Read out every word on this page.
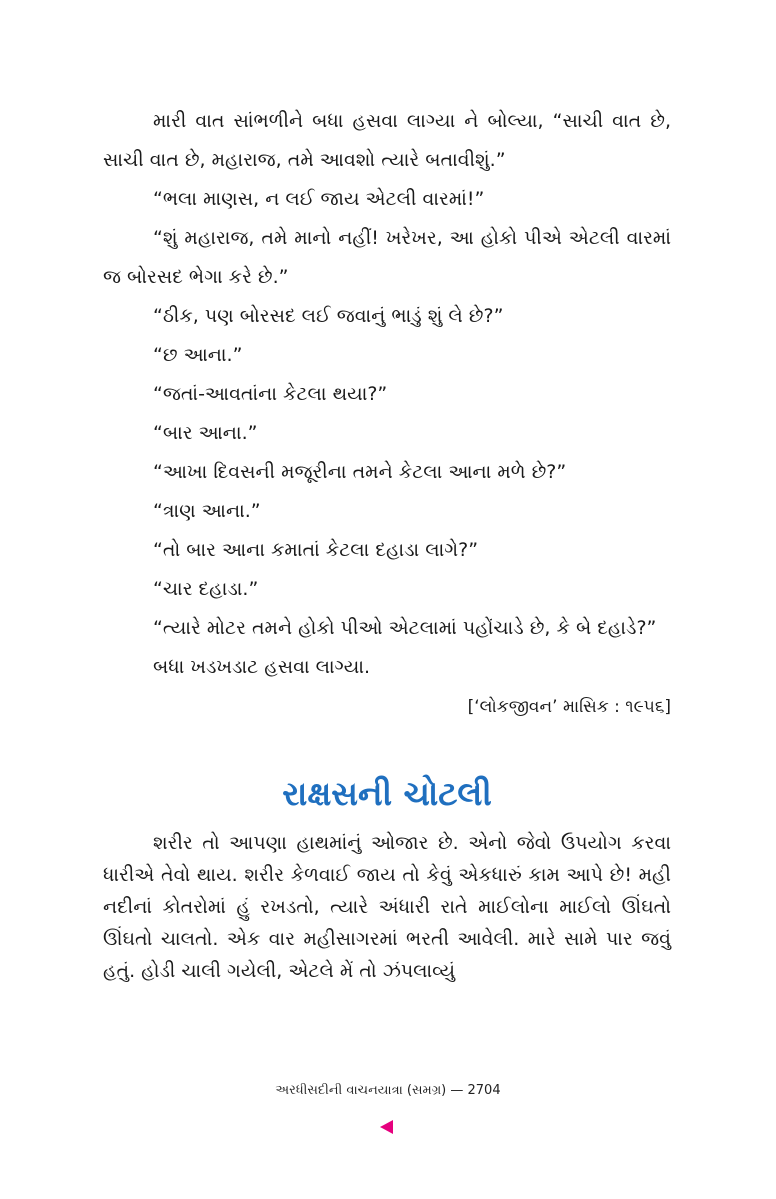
મારી વાત સાંભળીને બધા હસવા લાગ્યા ને બોલ્યા, “સાચી વાત છે, સાચી વાત છે, મહારાજ, તમે આવશો ત્યારે બતાવીશું.”

“ભલા માણસ, ન લઈ જાય એટલી વારમાં!”

“શું મહારાજ, તમે માનો નહીં! ખરેખર, આ હોકો પીએ એટલી વારમાં જ બોરસદ ભેગા કરે છે.”

“ઠીક, પણ બોરસદ લઈ જવાનું ભાડું શું લે છે?”

“છ આના.”

“જતાં-આવતાંના કેટલા થયા?”

“બાર આના.”

“આખા દિવસની મજૂરીના તમને કેટલા આના મળે છે?”

“ત્રાણ આના.”

“તો બાર આના કમાતાં કેટલા દહાડા લાગે?”

“ચાર દહાડા.”

“ત્યારે મોટર તમને હોકો પીઓ એટલામાં પહોંચાડે છે, કે બે દહાડે?”

બધા ખડખડાટ હસવા લાગ્યા.

[‘લોકજીવન’ માસિક : ૧૯૫૬]
રાક્ષસની ચોટલી

શરીર તો આપણા હાથમાંનું ઓજાર છે. એનો જેવો ઉપયોગ કરવા ધારીએ તેવો થાય. શરીર કેળવાઈ જાય તો કેવું એકધારું કામ આપે છે! મહી નદીનાં કોતરોમાં હું રખડતો, ત્યારે અંધારી રાતે માઈલોના માઈલો ઊંઘતો ઊંઘતો ચાલતો. એક વાર મહીસાગરમાં ભરતી આવેલી. મારે સામે પાર જવું હતું. હોડી ચાલી ગયેલી, એટલે મેં તો ઝંપલાવ્યું

અરધીસદીની વાચનયાત્રા (સમગ્ર) — 2704
